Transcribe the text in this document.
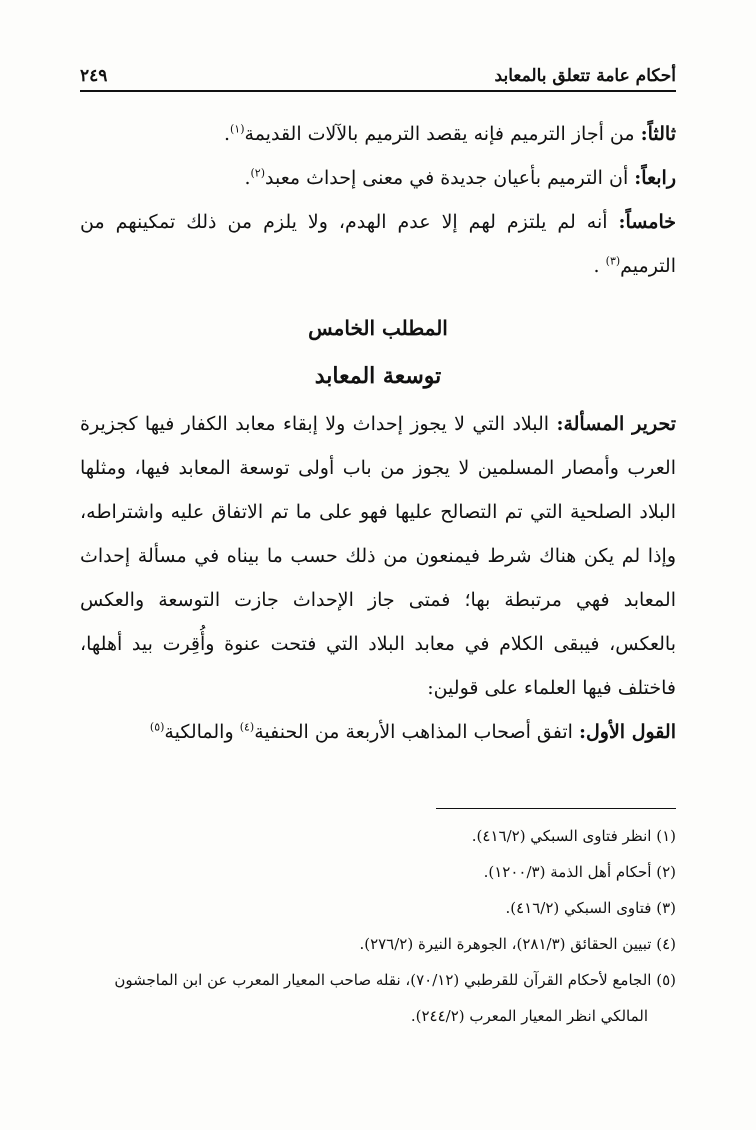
أحكام عامة تتعلق بالمعابد
٢٤٩

ثالثاً: من أجاز الترميم فإنه يقصد الترميم بالآلات القديمة$^{(١)}$.

رابعاً: أن الترميم بأعيان جديدة في معنى إحداث معبد$^{(٢)}$.

خامساً: أنه لم يلتزم لهم إلا عدم الهدم، ولا يلزم من ذلك تمكينهم من الترميم$^{(٣)}$ .

المطلب الخامس

توسعة المعابد

تحرير المسألة: البلاد التي لا يجوز إحداث ولا إبقاء معابد الكفار فيها كجزيرة العرب وأمصار المسلمين لا يجوز من باب أولى توسعة المعابد فيها، ومثلها البلاد الصلحية التي تم التصالح عليها فهو على ما تم الاتفاق عليه واشتراطه، وإذا لم يكن هناك شرط فيمنعون من ذلك حسب ما بيناه في مسألة إحداث المعابد فهي مرتبطة بها؛ فمتى جاز الإحداث جازت التوسعة والعكس بالعكس، فيبقى الكلام في معابد البلاد التي فتحت عنوة وأُقِرت بيد أهلها، فاختلف فيها العلماء على قولين:

القول الأول: اتفق أصحاب المذاهب الأربعة من الحنفية$^{(٤)}$ والمالكية$^{(٥)}$

(١) انظر فتاوى السبكي (٤١٦/٢).

(٢) أحكام أهل الذمة (١٢٠٠/٣).

(٣) فتاوى السبكي (٤١٦/٢).

(٤) تبيين الحقائق (٢٨١/٣)، الجوهرة النيرة (٢٧٦/٢).

(٥) الجامع لأحكام القرآن للقرطبي (٧٠/١٢)، نقله صاحب المعيار المعرب عن ابن الماجشون

المالكي انظر المعيار المعرب (٢٤٤/٢).
